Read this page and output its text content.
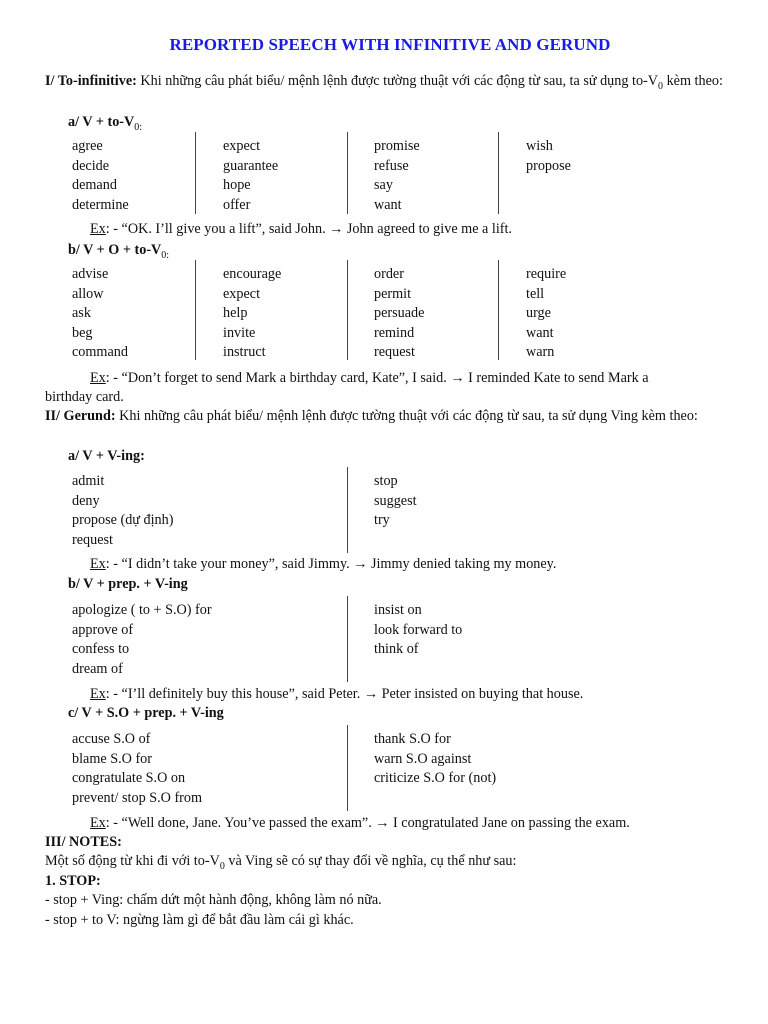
REPORTED SPEECH WITH INFINITIVE AND GERUND
I/ To-infinitive: Khi những câu phát biểu/ mệnh lệnh được tường thuật với các động từ sau, ta sử dụng $to-V_0$ kèm theo:
a/ $V + to-V_{0:}$
agree
decide
demand
determine
expect
guarantee
hope
offer
promise
refuse
say
want
wish
propose
Ex: - “OK. I’ll give you a lift”, said John. → John agreed to give me a lift.
b/ $V + O + to-V_{0:}$
advise
allow
ask
beg
command
encourage
expect
help
invite
instruct
order
permit
persuade
remind
request
require
tell
urge
want
warn
Ex: - “Don’t forget to send Mark a birthday card, Kate”, I said. → I reminded Kate to send Mark a
birthday card.
II/ Gerund: Khi những câu phát biểu/ mệnh lệnh được tường thuật với các động từ sau, ta sử dụng Ving kèm theo:
a/ V + V-ing:
admit
deny
propose (dự định)
request
stop
suggest
try
Ex: - “I didn’t take your money”, said Jimmy. → Jimmy denied taking my money.
b/ V + prep. + V-ing
apologize ( to + S.O) for
approve of
confess to
dream of
insist on
look forward to
think of
Ex: - “I’ll definitely buy this house”, said Peter. → Peter insisted on buying that house.
c/ V + S.O + prep. + V-ing
accuse S.O of
blame S.O for
congratulate S.O on
prevent/ stop S.O from
thank S.O for
warn S.O against
criticize S.O for (not)
Ex: - “Well done, Jane. You’ve passed the exam”. → I congratulated Jane on passing the exam.
III/ NOTES:
Một số động từ khi đi với $to-V_0$ và Ving sẽ có sự thay đổi về nghĩa, cụ thể như sau:
1. STOP:
- stop + Ving: chấm dứt một hành động, không làm nó nữa.
- stop + to V: ngừng làm gì để bắt đầu làm cái gì khác.
